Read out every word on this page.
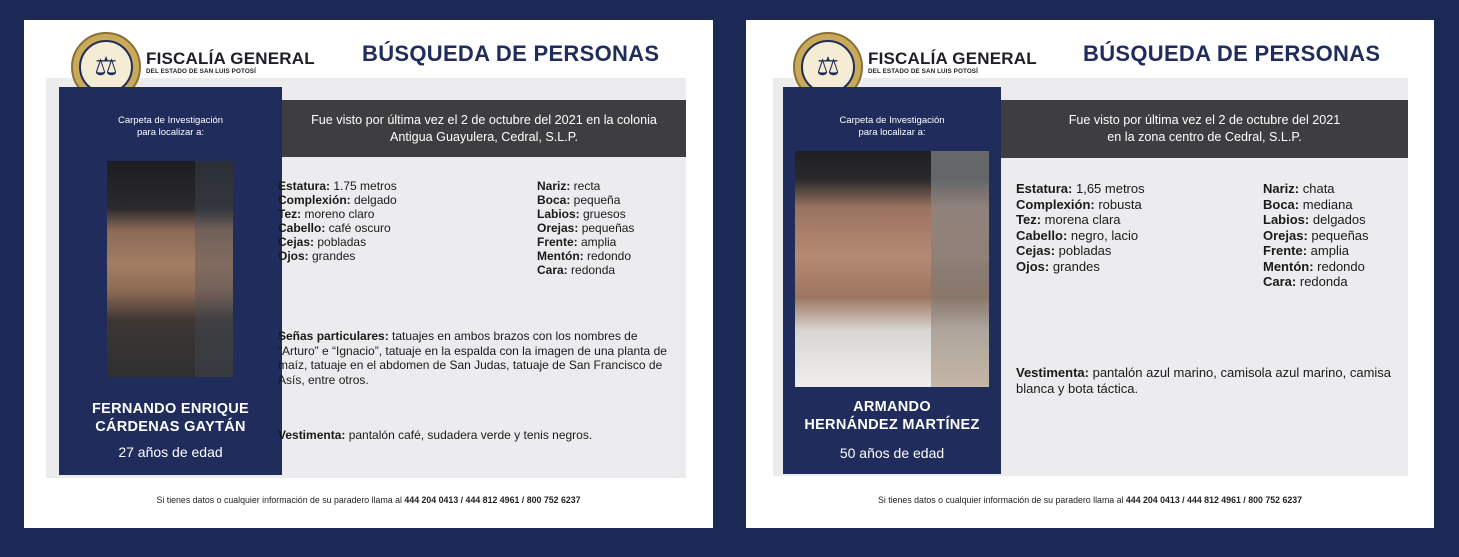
⚖ FISCALÍA GENERAL
DEL ESTADO DE SAN LUIS POTOSÍ
BÚSQUEDA DE PERSONAS
Carpeta de Investigación
para localizar a:
FERNANDO ENRIQUE
CÁRDENAS GAYTÁN
27 años de edad
Fue visto por última vez el 2 de octubre del 2021 en la colonia
Antigua Guayulera, Cedral, S.L.P.
Estatura: 1.75 metros
Complexión: delgado
Tez: moreno claro
Cabello: café oscuro
Cejas: pobladas
Ojos: grandes
Nariz: recta
Boca: pequeña
Labios: gruesos
Orejas: pequeñas
Frente: amplia
Mentón: redondo
Cara: redonda
Señas particulares: tatuajes en ambos brazos con los nombres de “Arturo” e “Ignacio”, tatuaje en la espalda con la imagen de una planta de maíz, tatuaje en el abdomen de San Judas, tatuaje de San Francisco de Asís, entre otros.
Vestimenta: pantalón café, sudadera verde y tenis negros.
Si tienes datos o cualquier información de su paradero llama al 444 204 0413 / 444 812 4961 / 800 752 6237
⚖ FISCALÍA GENERAL
DEL ESTADO DE SAN LUIS POTOSÍ
BÚSQUEDA DE PERSONAS
Carpeta de Investigación
para localizar a:
ARMANDO
HERNÁNDEZ MARTÍNEZ
50 años de edad
Fue visto por última vez el 2 de octubre del 2021
en la zona centro de Cedral, S.L.P.
Estatura: 1,65 metros
Complexión: robusta
Tez: morena clara
Cabello: negro, lacio
Cejas: pobladas
Ojos: grandes
Nariz: chata
Boca: mediana
Labios: delgados
Orejas: pequeñas
Frente: amplia
Mentón: redondo
Cara: redonda
Vestimenta: pantalón azul marino, camisola azul marino, camisa blanca y bota táctica.
Si tienes datos o cualquier información de su paradero llama al 444 204 0413 / 444 812 4961 / 800 752 6237
